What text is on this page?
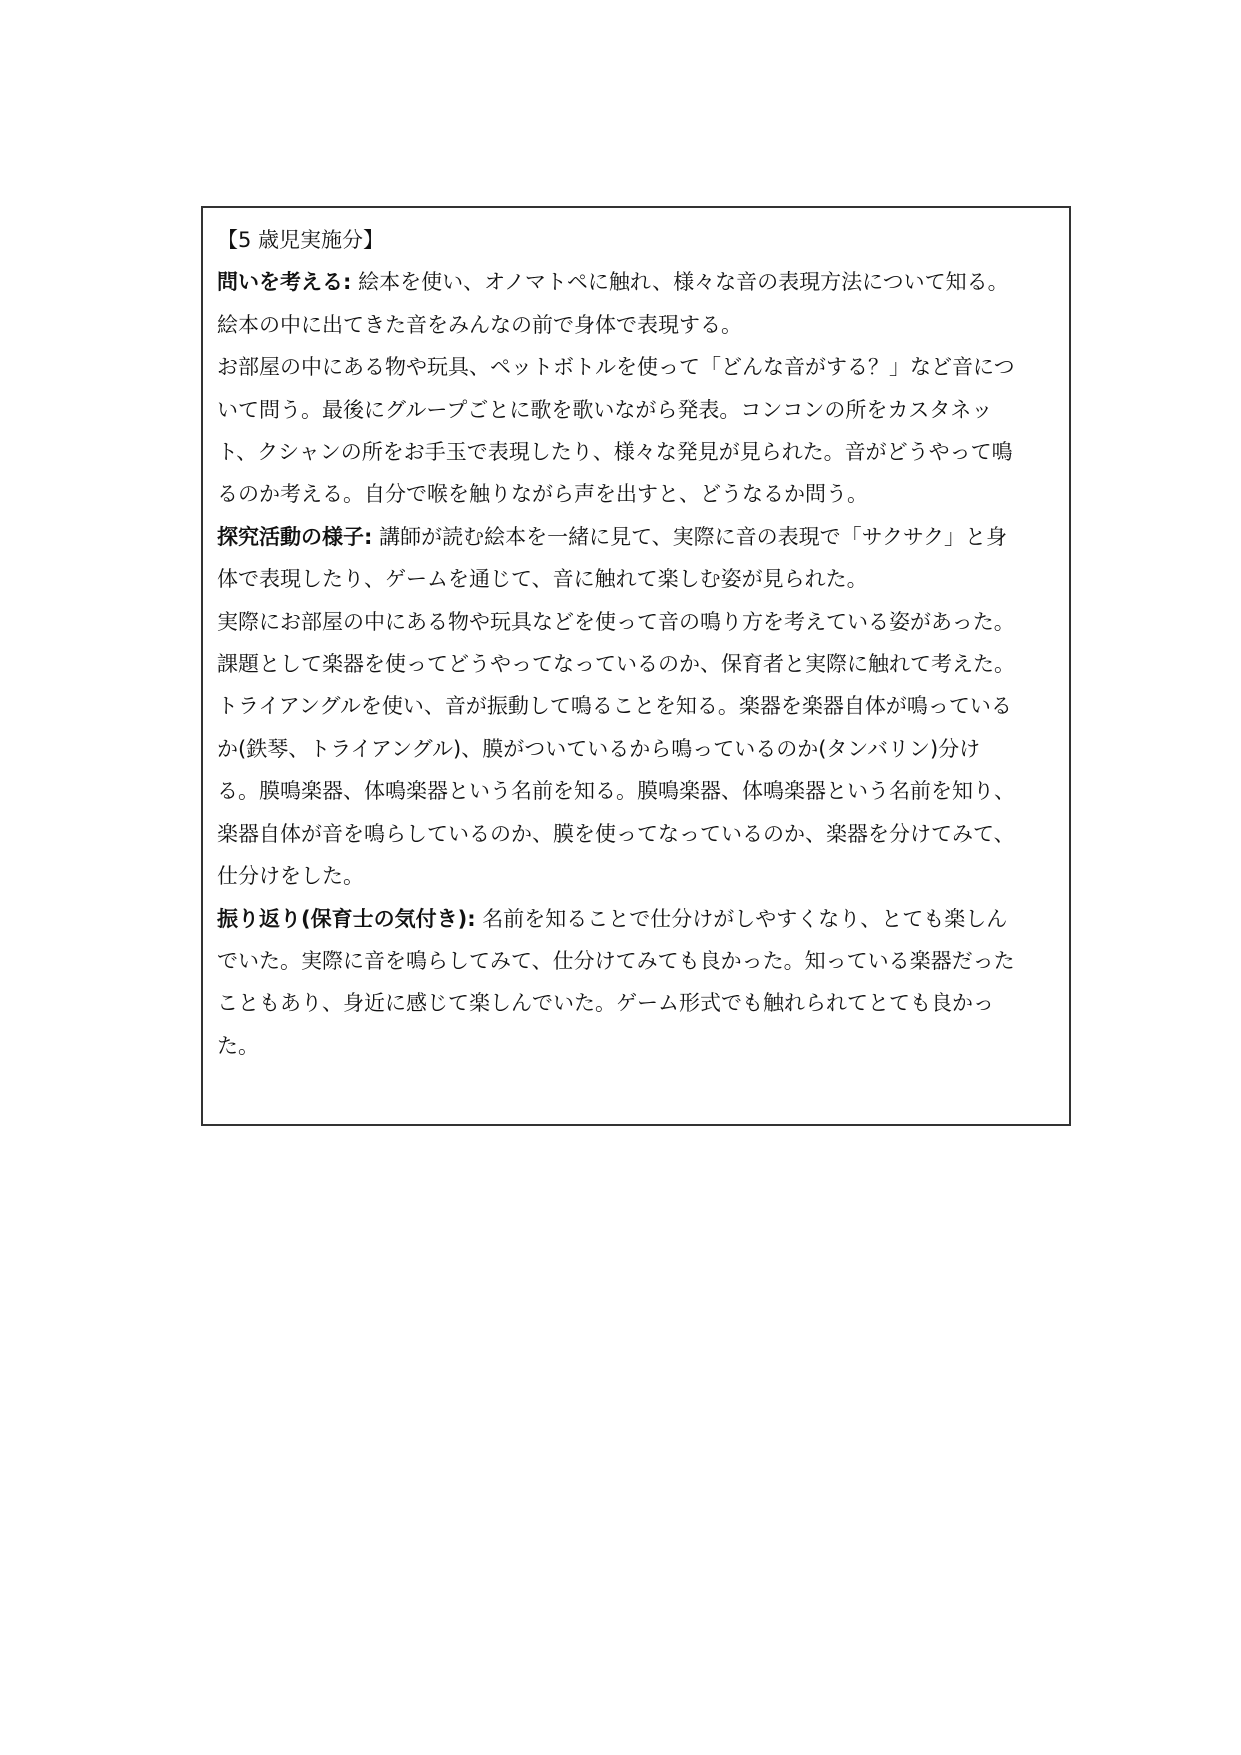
【5 歳児実施分】

問いを考える: 絵本を使い、オノマトペに触れ、様々な音の表現方法について知る。

絵本の中に出てきた音をみんなの前で身体で表現する。

お部屋の中にある物や玩具、ペットボトルを使って「どんな音がする？」など音につ

いて問う。最後にグループごとに歌を歌いながら発表。コンコンの所をカスタネッ

ト、クシャンの所をお手玉で表現したり、様々な発見が見られた。音がどうやって鳴

るのか考える。自分で喉を触りながら声を出すと、どうなるか問う。

探究活動の様子: 講師が読む絵本を一緒に見て、実際に音の表現で「サクサク」と身

体で表現したり、ゲームを通じて、音に触れて楽しむ姿が見られた。

実際にお部屋の中にある物や玩具などを使って音の鳴り方を考えている姿があった。

課題として楽器を使ってどうやってなっているのか、保育者と実際に触れて考えた。

トライアングルを使い、音が振動して鳴ることを知る。楽器を楽器自体が鳴っている

か(鉄琴、トライアングル)、膜がついているから鳴っているのか(タンバリン)分け

る。膜鳴楽器、体鳴楽器という名前を知る。膜鳴楽器、体鳴楽器という名前を知り、

楽器自体が音を鳴らしているのか、膜を使ってなっているのか、楽器を分けてみて、

仕分けをした。

振り返り(保育士の気付き): 名前を知ることで仕分けがしやすくなり、とても楽しん

でいた。実際に音を鳴らしてみて、仕分けてみても良かった。知っている楽器だった

こともあり、身近に感じて楽しんでいた。ゲーム形式でも触れられてとても良かっ

た。
